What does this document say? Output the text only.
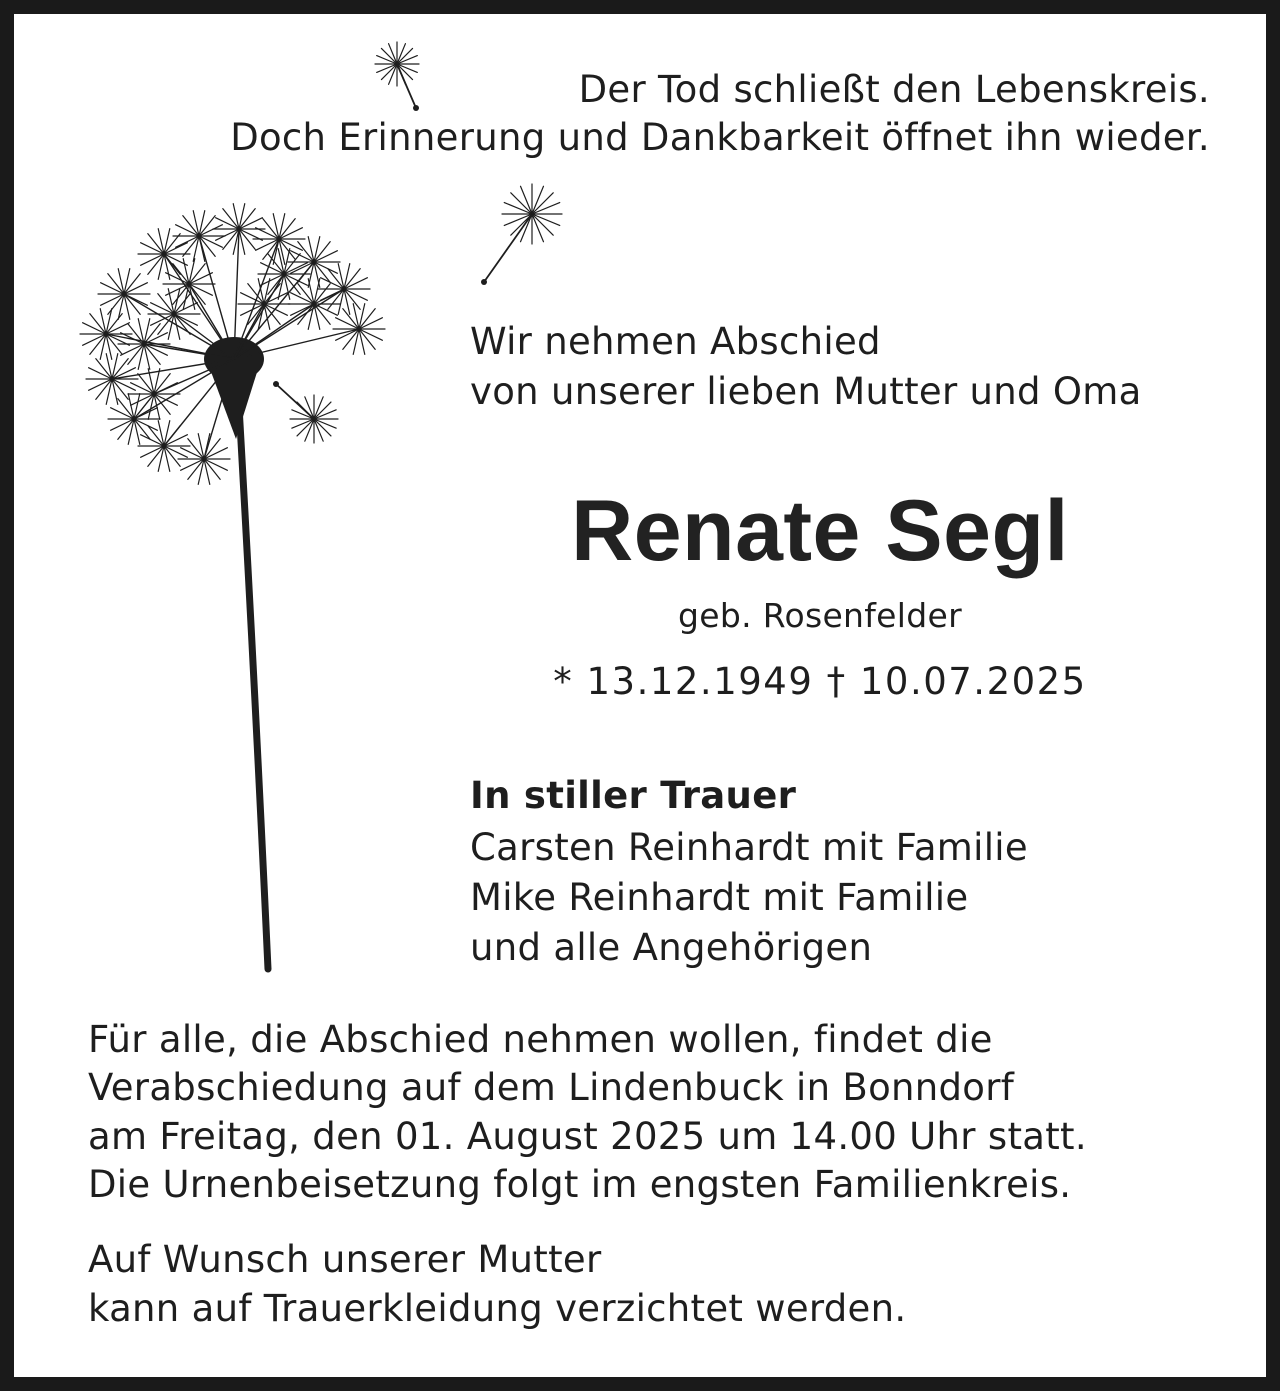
Der Tod schließt den Lebenskreis.

Doch Erinnerung und Dankbarkeit öffnet ihn wieder.

Wir nehmen Abschied

von unserer lieben Mutter und Oma

Renate Segl

geb. Rosenfelder

* 13.12.1949 † 10.07.2025

In stiller Trauer

Carsten Reinhardt mit Familie

Mike Reinhardt mit Familie

und alle Angehörigen

Für alle, die Abschied nehmen wollen, findet die

Verabschiedung auf dem Lindenbuck in Bonndorf

am Freitag, den 01. August 2025 um 14.00 Uhr statt.

Die Urnenbeisetzung folgt im engsten Familienkreis.

Auf Wunsch unserer Mutter

kann auf Trauerkleidung verzichtet werden.
